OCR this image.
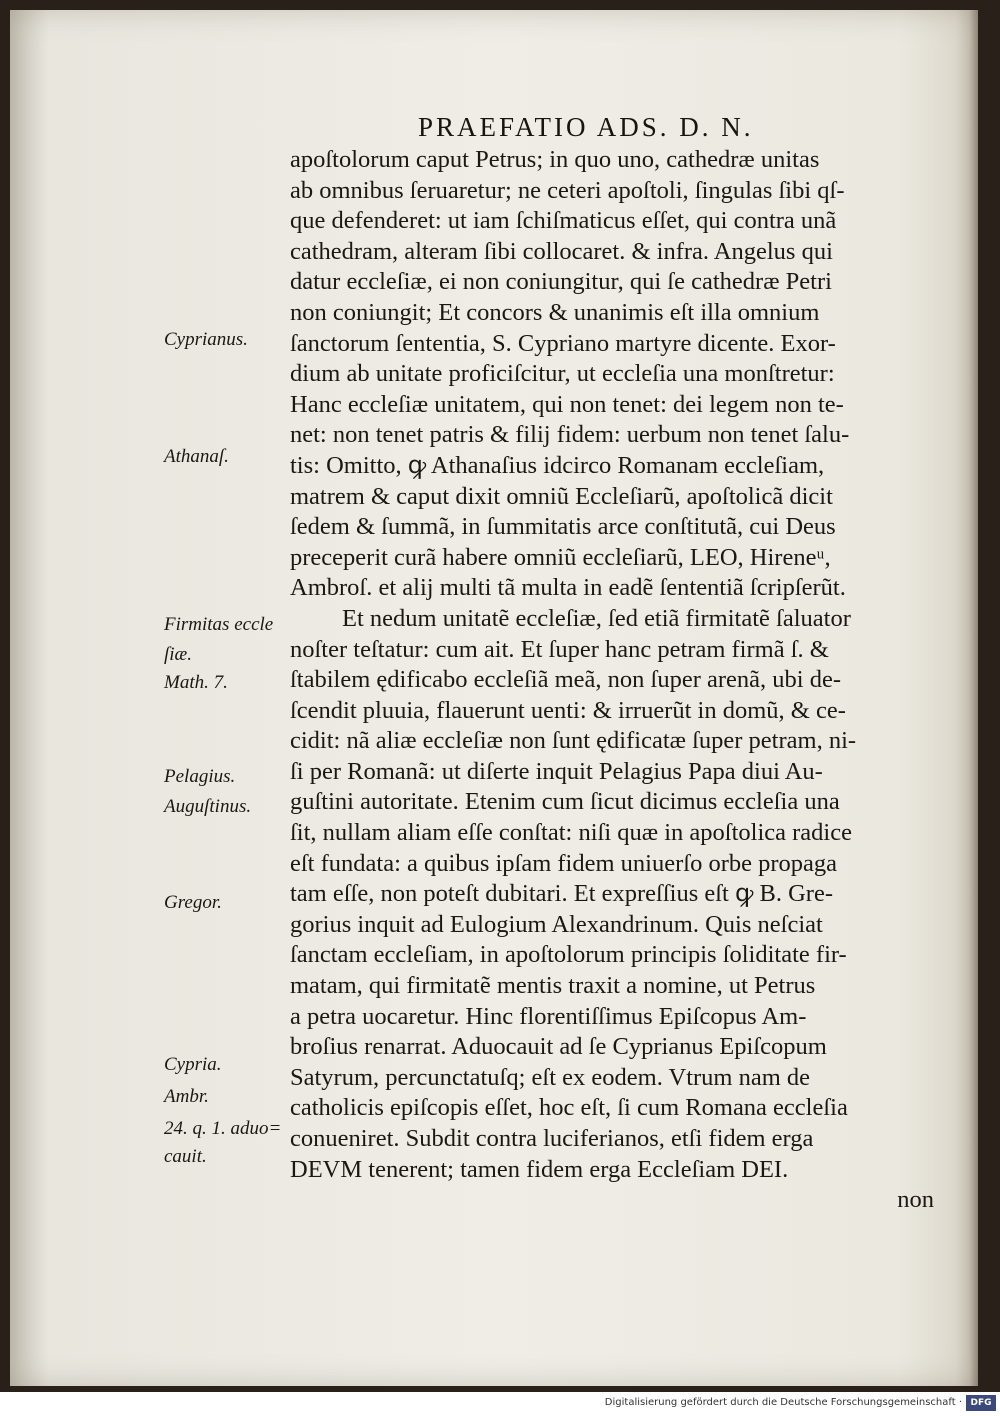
PRAEFATIO ADS. D. N.
apoſtolorum caput Petrus; in quo uno, cathedræ unitas
ab omnibus ſeruaretur; ne ceteri apoſtoli, ſingulas ſibi qſ-
que defenderet: ut iam ſchiſmaticus eſſet, qui contra unã
cathedram, alteram ſibi collocaret. & infra. Angelus qui
datur eccleſiæ, ei non coniungitur, qui ſe cathedræ Petri
non coniungit; Et concors & unanimis eſt illa omnium
ſanctorum ſententia, S. Cypriano martyre dicente. Exor-
dium ab unitate proficiſcitur, ut eccleſia una monſtretur:
Hanc eccleſiæ unitatem, qui non tenet: dei legem non te-
net: non tenet patris & filij fidem: uerbum non tenet ſalu-
tis: Omitto, ꝙ Athanaſius idcirco Romanam eccleſiam,
matrem & caput dixit omniũ Eccleſiarũ, apoſtolicã dicit
ſedem & ſummã, in ſummitatis arce conſtitutã, cui Deus
preceperit curã habere omniũ eccleſiarũ, LEO, Hireneᵘ,
Ambroſ. et alij multi tã multa in eadẽ ſententiã ſcripſerũt.
Et nedum unitatẽ eccleſiæ, ſed etiã firmitatẽ ſaluator
noſter teſtatur: cum ait. Et ſuper hanc petram firmã ſ. &
ſtabilem ędificabo eccleſiã meã, non ſuper arenã, ubi de-
ſcendit pluuia, flauerunt uenti: & irruerũt in domũ, & ce-
cidit: nã aliæ eccleſiæ non ſunt ędificatæ ſuper petram, ni-
ſi per Romanã: ut diſerte inquit Pelagius Papa diui Au-
guſtini autoritate. Etenim cum ſicut dicimus eccleſia una
ſit, nullam aliam eſſe conſtat: niſi quæ in apoſtolica radice
eſt fundata: a quibus ipſam fidem uniuerſo orbe propaga
tam eſſe, non poteſt dubitari. Et expreſſius eſt ꝙ B. Gre-
gorius inquit ad Eulogium Alexandrinum. Quis neſciat
ſanctam eccleſiam, in apoſtolorum principis ſoliditate fir-
matam, qui firmitatẽ mentis traxit a nomine, ut Petrus
a petra uocaretur. Hinc florentiſſimus Epiſcopus Am-
broſius renarrat. Aduocauit ad ſe Cyprianus Epiſcopum
Satyrum, percunctatuſq; eſt ex eodem. Vtrum nam de
catholicis epiſcopis eſſet, hoc eſt, ſi cum Romana eccleſia
conueniret. Subdit contra luciferianos, etſi fidem erga
DEVM tenerent; tamen fidem erga Eccleſiam DEI.
non
Cyprianus.
Athanaſ.
Firmitas eccle
ſiæ.
Math. 7.
Pelagius.
Auguſtinus.
Gregor.
Cypria.
Ambr.
24. q. 1. aduo=
cauit.
Digitalisierung gefördert durch die Deutsche Forschungsgemeinschaft · DFG
